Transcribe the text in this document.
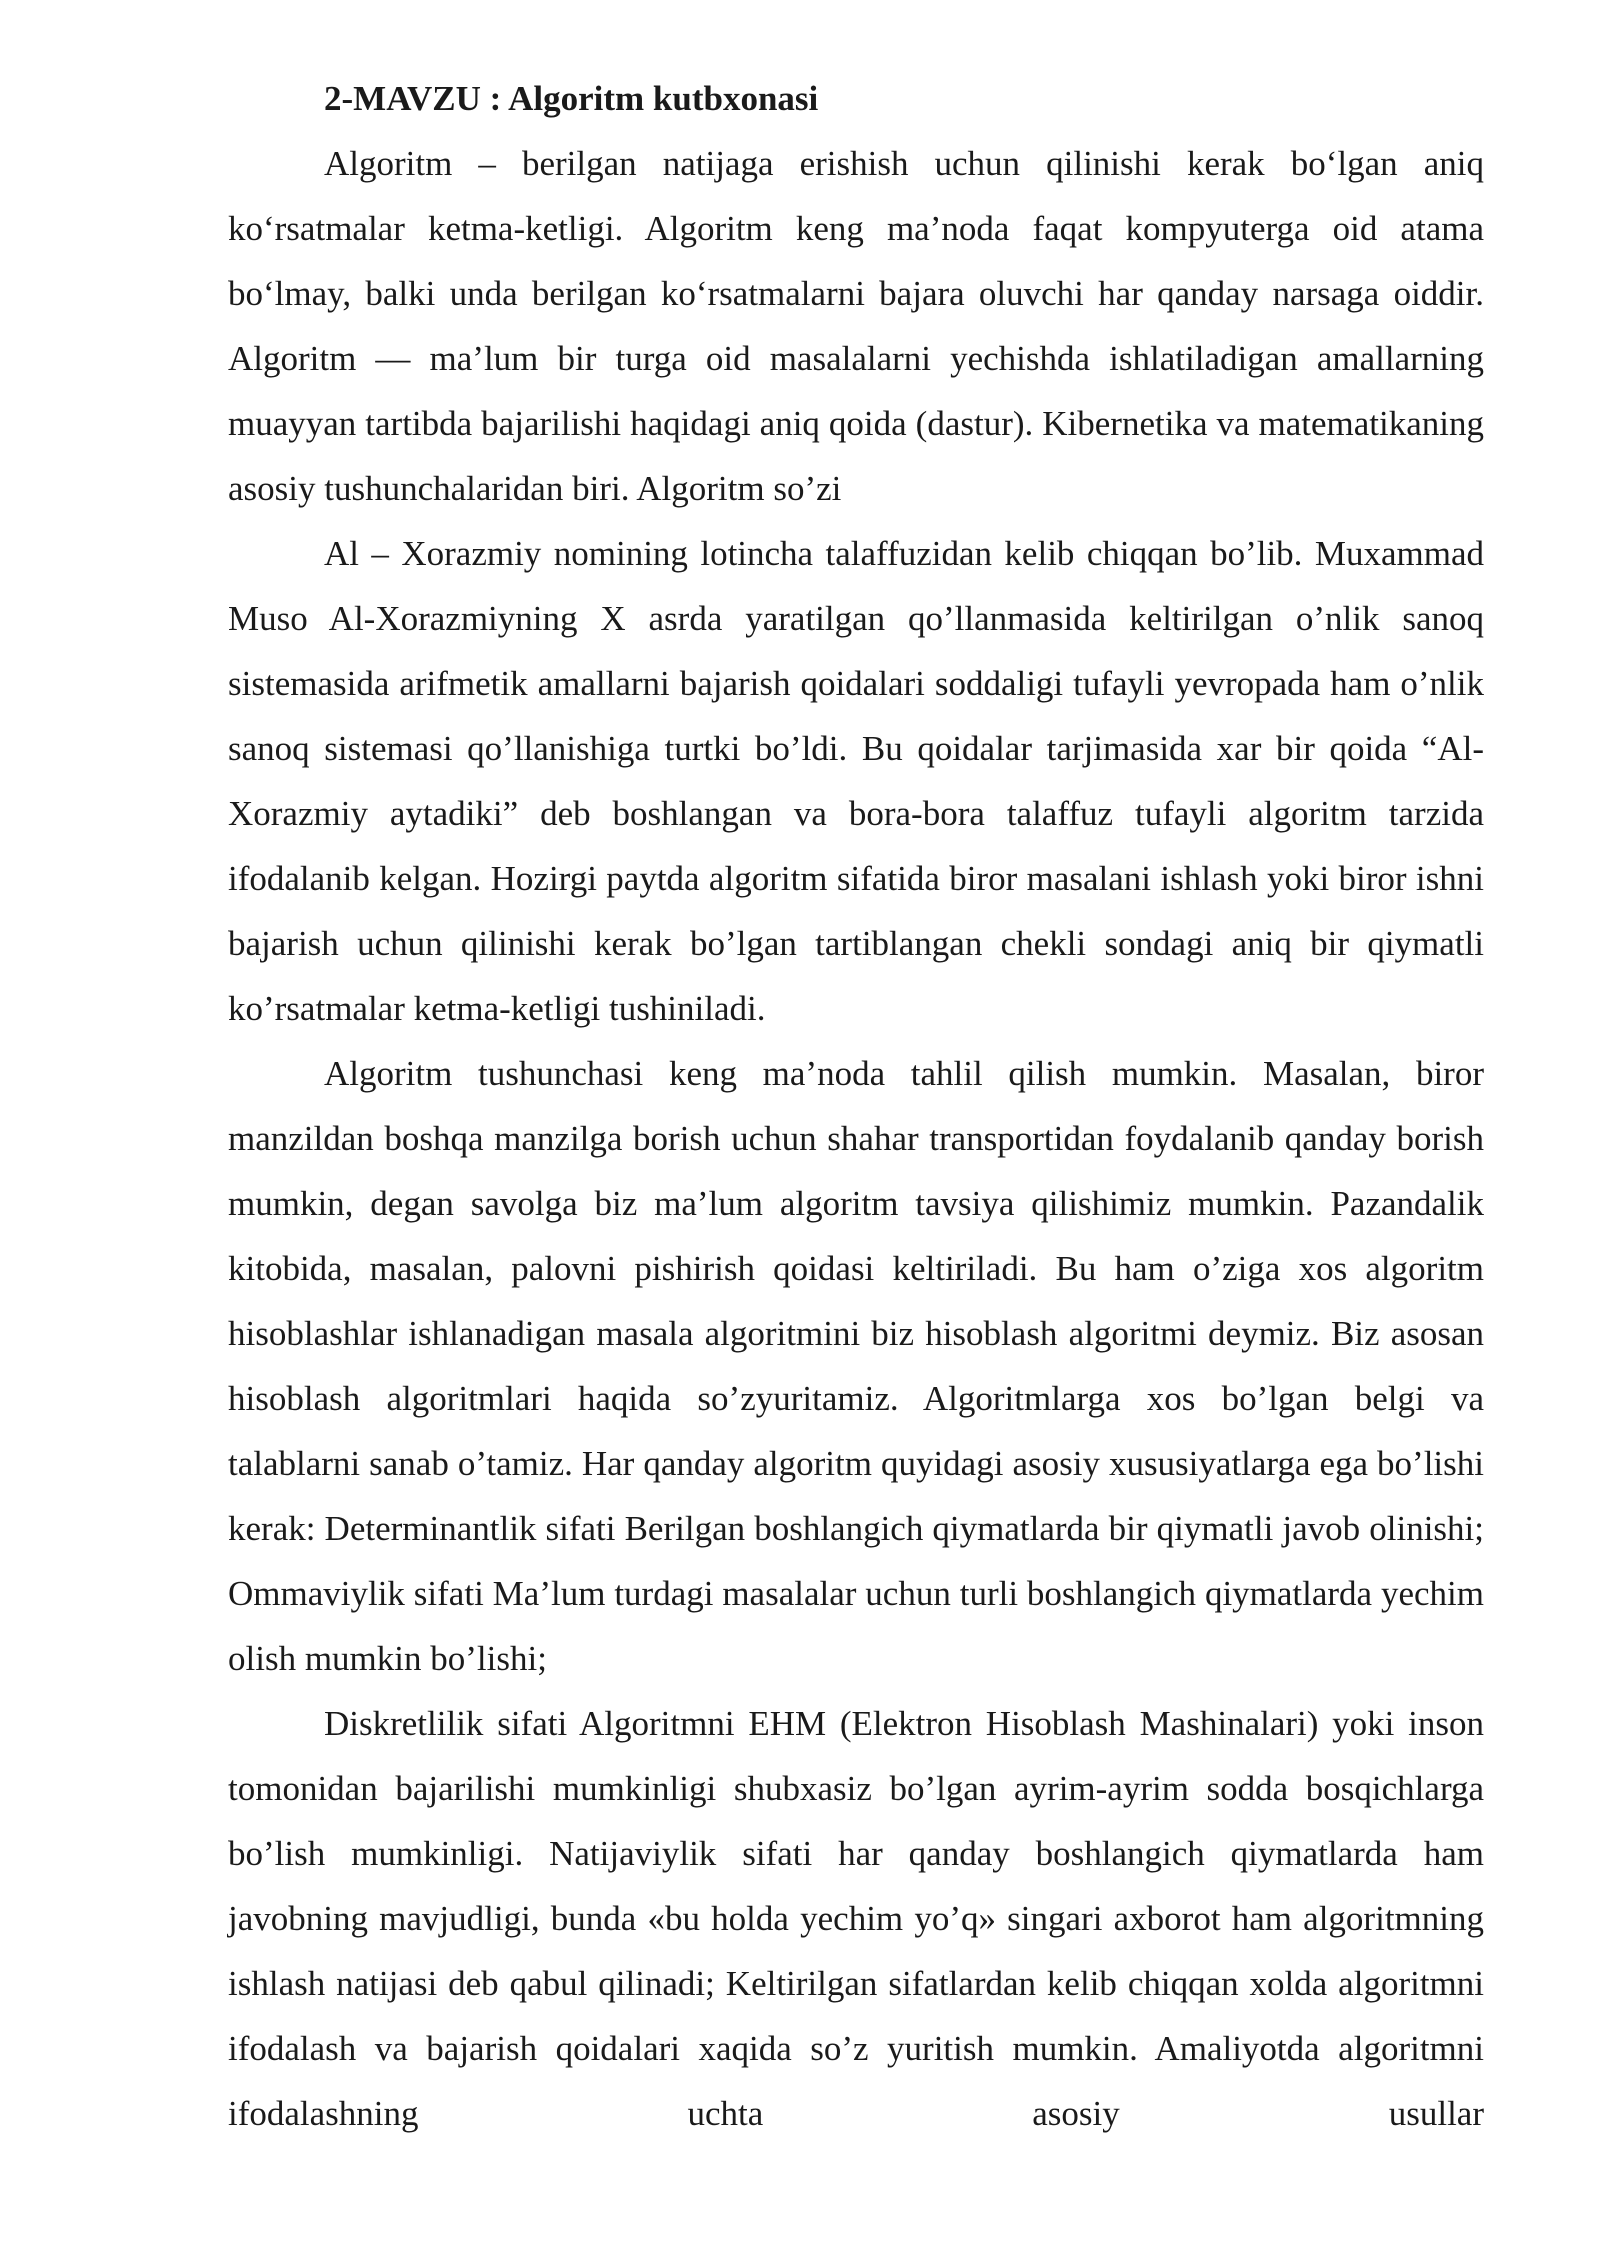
2-MAVZU : Algoritm kutbxonasi

Algoritm – berilgan natijaga erishish uchun qilinishi kerak bo‘lgan aniq ko‘rsatmalar ketma-ketligi. Algoritm keng ma’noda faqat kompyuterga oid atama bo‘lmay, balki unda berilgan ko‘rsatmalarni bajara oluvchi har qanday narsaga oiddir. Algoritm — ma’lum bir turga oid masalalarni yechishda ishlatiladigan amallarning muayyan tartibda bajarilishi haqidagi aniq qoida (dastur). Kibernetika va matematikaning asosiy tushunchalaridan biri. Algoritm so’zi

Al – Xorazmiy nomining lotincha talaffuzidan kelib chiqqan bo’lib. Muxammad Muso Al-Xorazmiyning X asrda yaratilgan qo’llanmasida keltirilgan o’nlik sanoq sistemasida arifmetik amallarni bajarish qoidalari soddaligi tufayli yevropada ham o’nlik sanoq sistemasi qo’llanishiga turtki bo’ldi. Bu qoidalar tarjimasida xar bir qoida “Al-Xorazmiy aytadiki” deb boshlangan va bora-bora talaffuz tufayli algoritm tarzida ifodalanib kelgan. Hozirgi paytda algoritm sifatida biror masalani ishlash yoki biror ishni bajarish uchun qilinishi kerak bo’lgan tartiblangan chekli sondagi aniq bir qiymatli ko’rsatmalar ketma-ketligi tushiniladi.

Algoritm tushunchasi keng ma’noda tahlil qilish mumkin. Masalan, biror manzildan boshqa manzilga borish uchun shahar transportidan foydalanib qanday borish mumkin, degan savolga biz ma’lum algoritm tavsiya qilishimiz mumkin. Pazandalik kitobida, masalan, palovni pishirish qoidasi keltiriladi. Bu ham o’ziga xos algoritm hisoblashlar ishlanadigan masala algoritmini biz hisoblash algoritmi deymiz. Biz asosan hisoblash algoritmlari haqida so’zyuritamiz. Algoritmlarga xos bo’lgan belgi va talablarni sanab o’tamiz. Har qanday algoritm quyidagi asosiy xususiyatlarga ega bo’lishi kerak: Determinantlik sifati Berilgan boshlangich qiymatlarda bir qiymatli javob olinishi; Ommaviylik sifati Ma’lum turdagi masalalar uchun turli boshlangich qiymatlarda yechim olish mumkin bo’lishi;

Diskretlilik sifati Algoritmni EHM (Elektron Hisoblash Mashinalari) yoki inson tomonidan bajarilishi mumkinligi shubxasiz bo’lgan ayrim-ayrim sodda bosqichlarga bo’lish mumkinligi. Natijaviylik sifati har qanday boshlangich qiymatlarda ham javobning mavjudligi, bunda «bu holda yechim yo’q» singari axborot ham algoritmning ishlash natijasi deb qabul qilinadi; Keltirilgan sifatlardan kelib chiqqan xolda algoritmni ifodalash va bajarish qoidalari xaqida so’z yuritish mumkin. Amaliyotda algoritmni ifodalashning uchta asosiy usullar
